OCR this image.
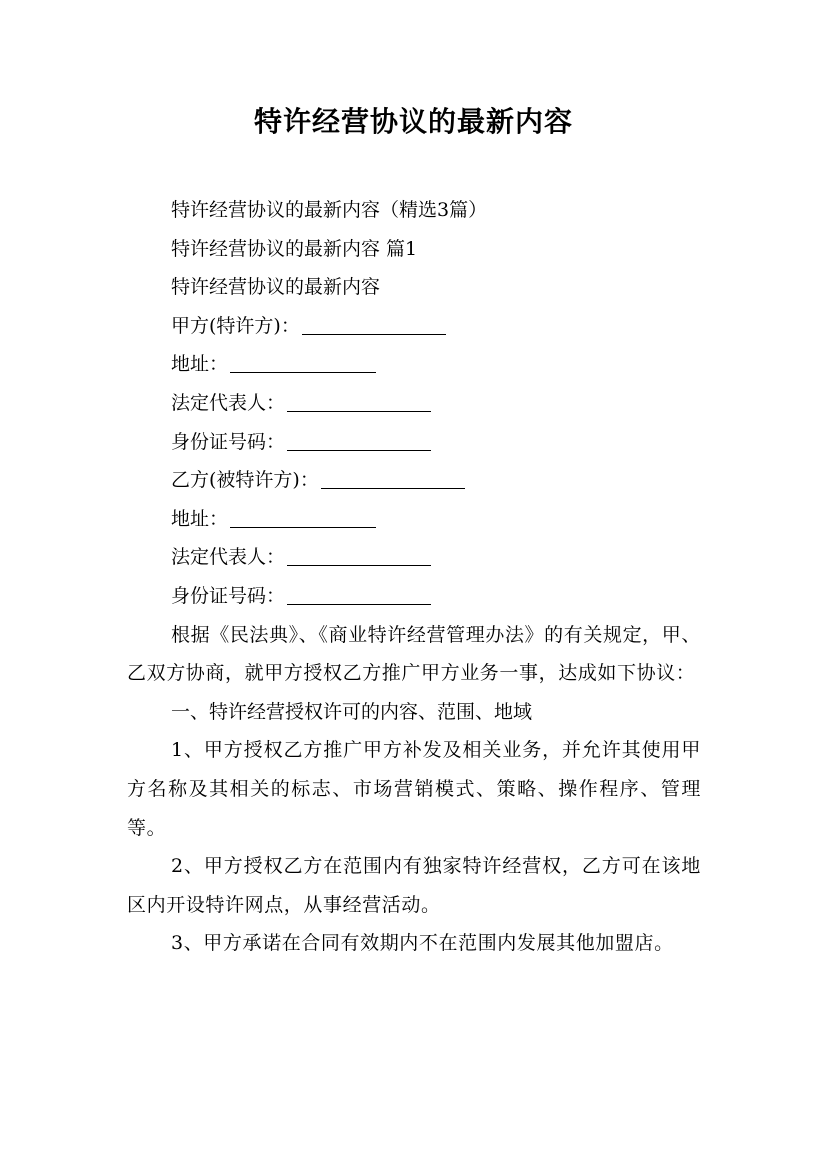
特许经营协议的最新内容
特许经营协议的最新内容（精选3篇）
特许经营协议的最新内容 篇1
特许经营协议的最新内容
甲方(特许方)：
地址：
法定代表人：
身份证号码：
乙方(被特许方)：
地址：
法定代表人：
身份证号码：
根据《民法典》、《商业特许经营管理办法》的有关规定，甲、乙双方协商，就甲方授权乙方推广甲方业务一事，达成如下协议：
一、特许经营授权许可的内容、范围、地域
1、甲方授权乙方推广甲方补发及相关业务，并允许其使用甲方名称及其相关的标志、市场营销模式、策略、操作程序、管理等。
2、甲方授权乙方在范围内有独家特许经营权，乙方可在该地区内开设特许网点，从事经营活动。
3、甲方承诺在合同有效期内不在范围内发展其他加盟店。
